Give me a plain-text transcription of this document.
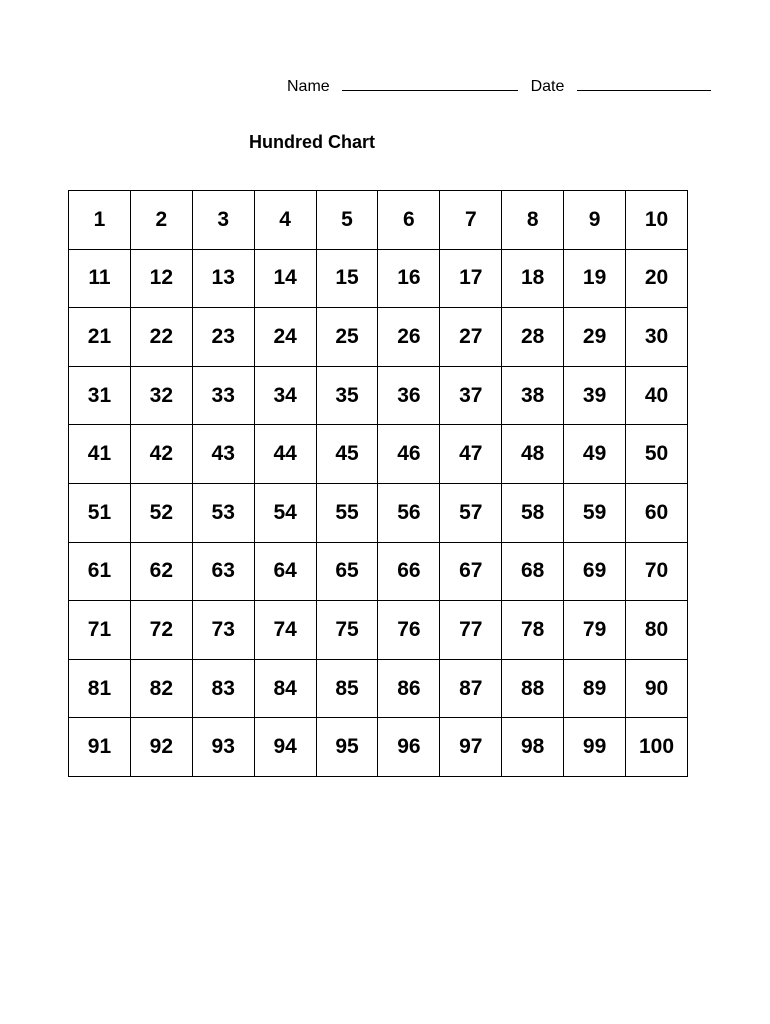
Name	Date
Hundred Chart
1	2	3	4	5	6	7	8	9	10
11	12	13	14	15	16	17	18	19	20
21	22	23	24	25	26	27	28	29	30
31	32	33	34	35	36	37	38	39	40
41	42	43	44	45	46	47	48	49	50
51	52	53	54	55	56	57	58	59	60
61	62	63	64	65	66	67	68	69	70
71	72	73	74	75	76	77	78	79	80
81	82	83	84	85	86	87	88	89	90
91	92	93	94	95	96	97	98	99	100
